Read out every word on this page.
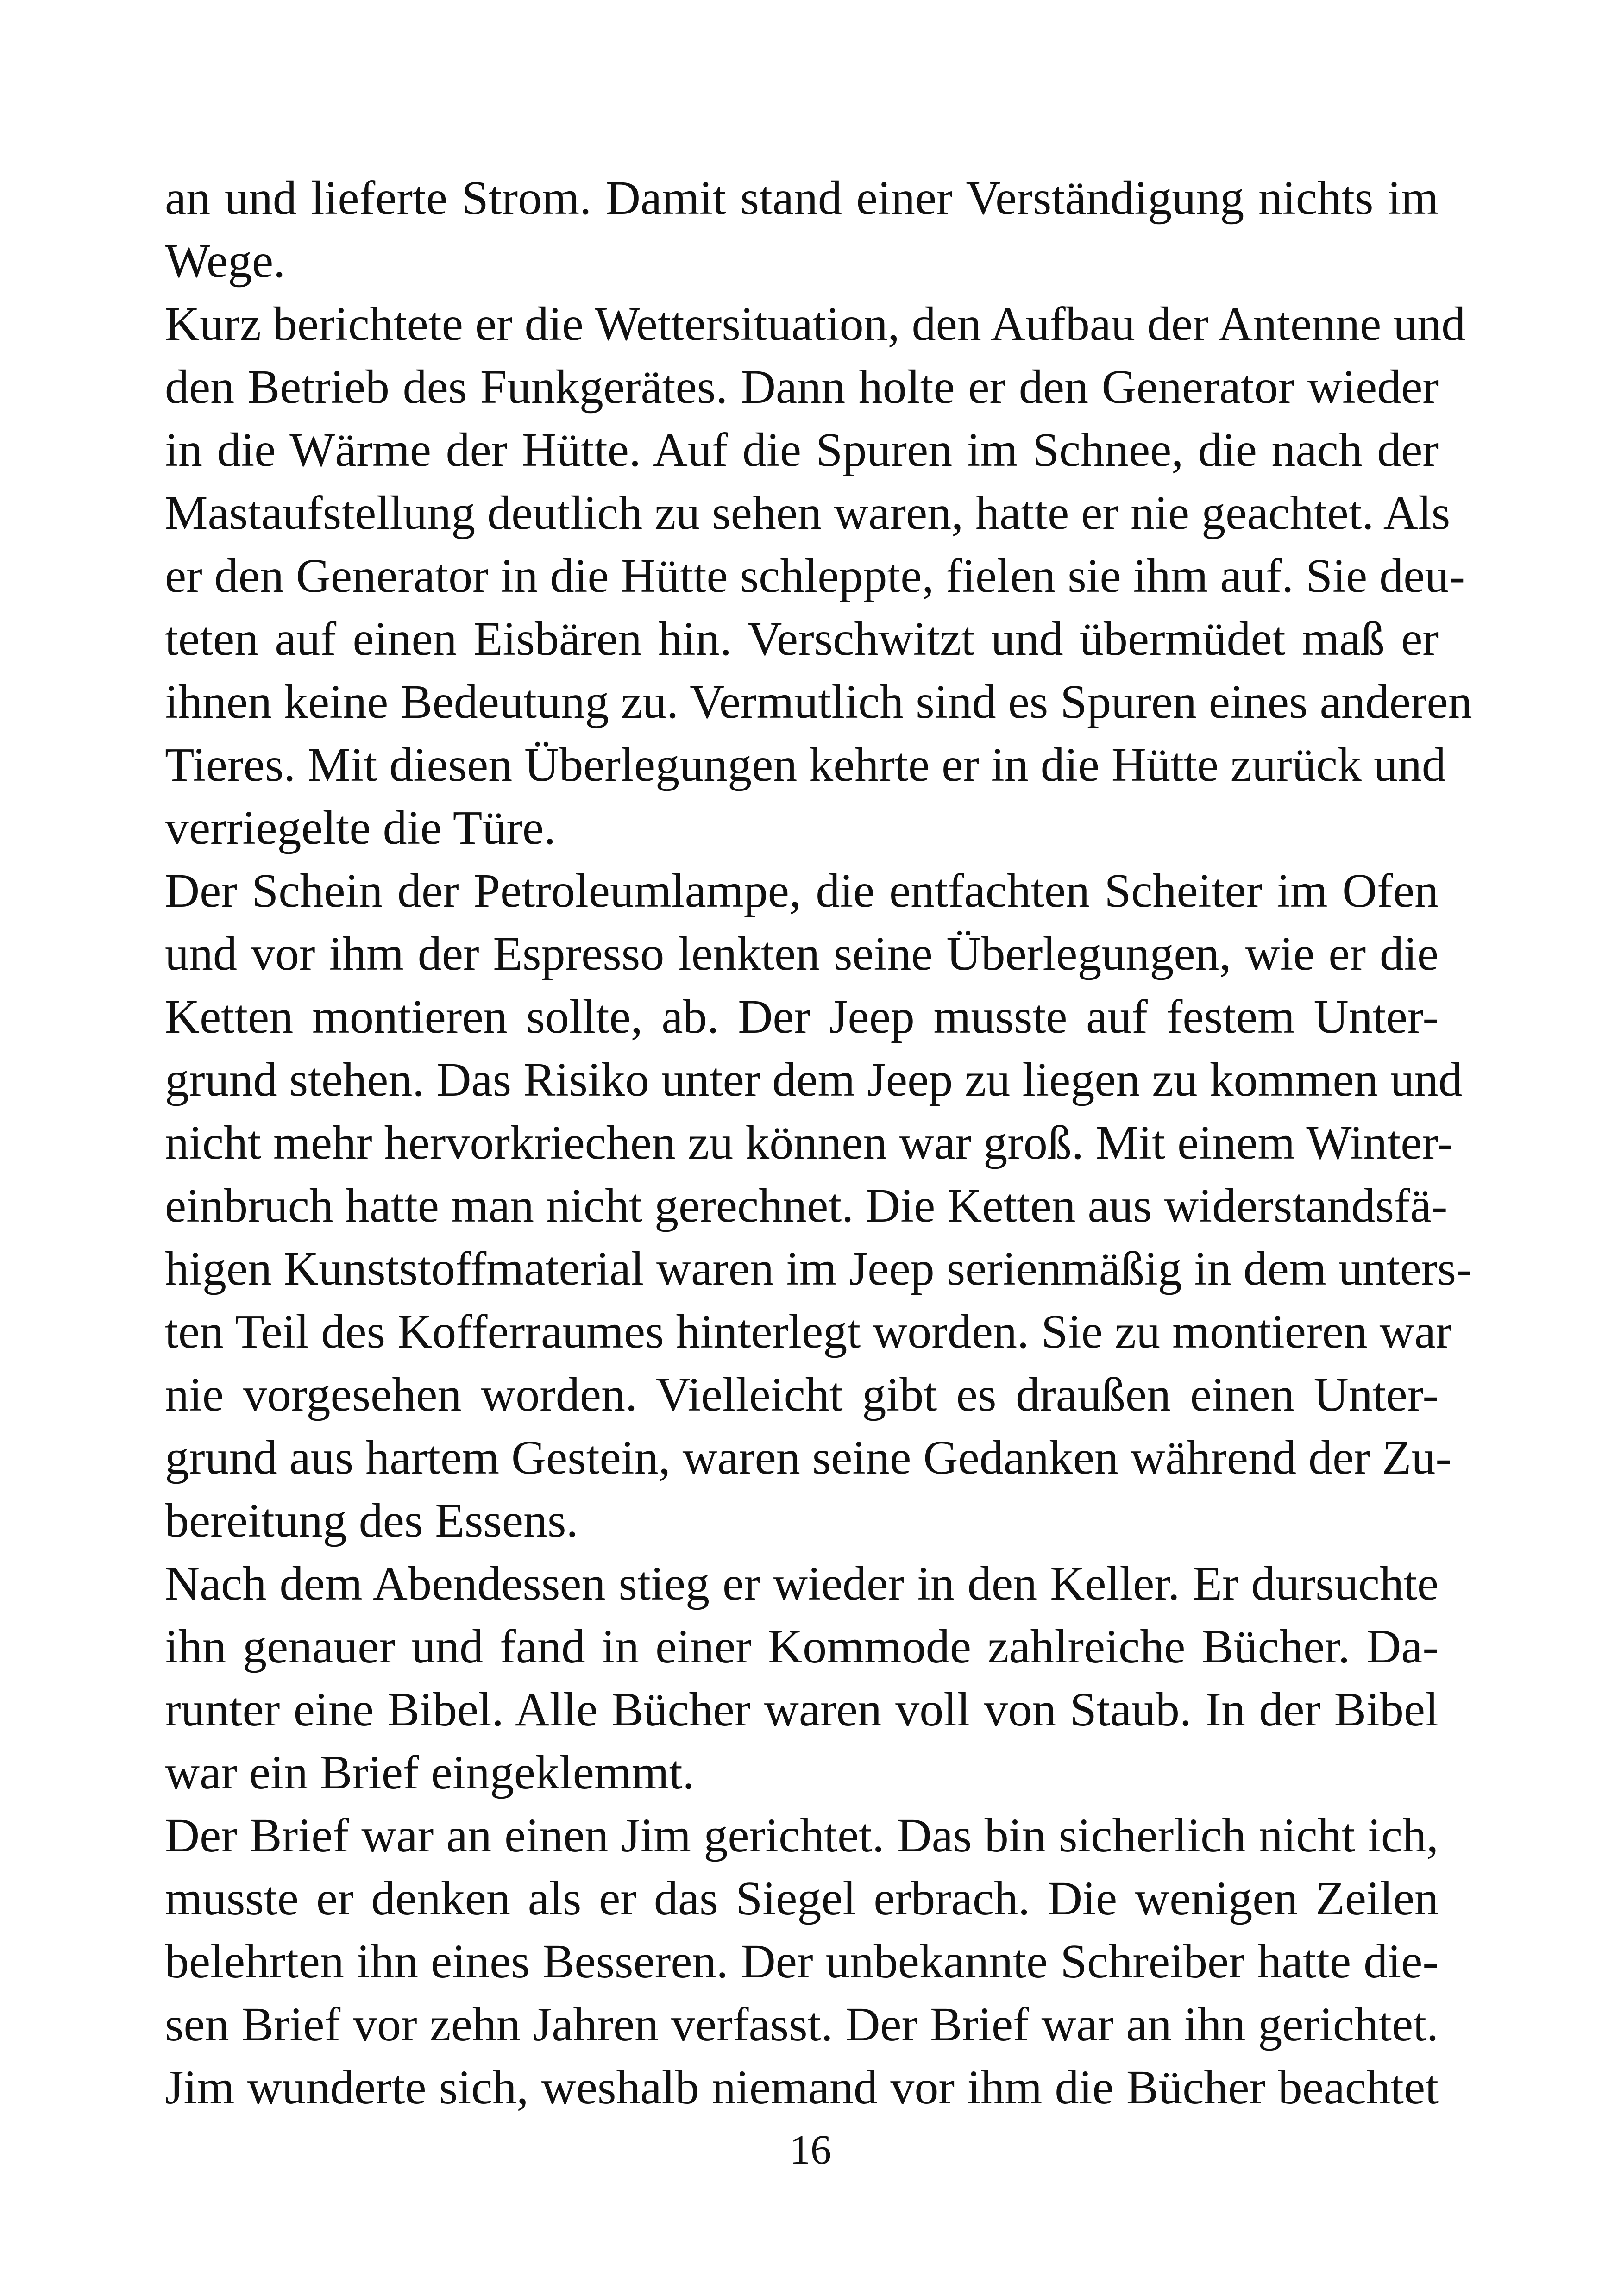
an und lieferte Strom. Damit stand einer Verständigung nichts im
Wege.
Kurz berichtete er die Wettersituation, den Aufbau der Antenne und
den Betrieb des Funkgerätes. Dann holte er den Generator wieder
in die Wärme der Hütte. Auf die Spuren im Schnee, die nach der
Mastaufstellung deutlich zu sehen waren, hatte er nie geachtet. Als
er den Generator in die Hütte schleppte, fielen sie ihm auf. Sie deu-
teten auf einen Eisbären hin. Verschwitzt und übermüdet maß er
ihnen keine Bedeutung zu. Vermutlich sind es Spuren eines anderen
Tieres. Mit diesen Überlegungen kehrte er in die Hütte zurück und
verriegelte die Türe.
Der Schein der Petroleumlampe, die entfachten Scheiter im Ofen
und vor ihm der Espresso lenkten seine Überlegungen, wie er die
Ketten montieren sollte, ab. Der Jeep musste auf festem Unter-
grund stehen. Das Risiko unter dem Jeep zu liegen zu kommen und
nicht mehr hervorkriechen zu können war groß. Mit einem Winter-
einbruch hatte man nicht gerechnet. Die Ketten aus widerstandsfä-
higen Kunststoffmaterial waren im Jeep serienmäßig in dem unters-
ten Teil des Kofferraumes hinterlegt worden. Sie zu montieren war
nie vorgesehen worden. Vielleicht gibt es draußen einen Unter-
grund aus hartem Gestein, waren seine Gedanken während der Zu-
bereitung des Essens.
Nach dem Abendessen stieg er wieder in den Keller. Er dursuchte
ihn genauer und fand in einer Kommode zahlreiche Bücher. Da-
runter eine Bibel. Alle Bücher waren voll von Staub. In der Bibel
war ein Brief eingeklemmt.
Der Brief war an einen Jim gerichtet. Das bin sicherlich nicht ich,
musste er denken als er das Siegel erbrach. Die wenigen Zeilen
belehrten ihn eines Besseren. Der unbekannte Schreiber hatte die-
sen Brief vor zehn Jahren verfasst. Der Brief war an ihn gerichtet.
Jim wunderte sich, weshalb niemand vor ihm die Bücher beachtet
16
